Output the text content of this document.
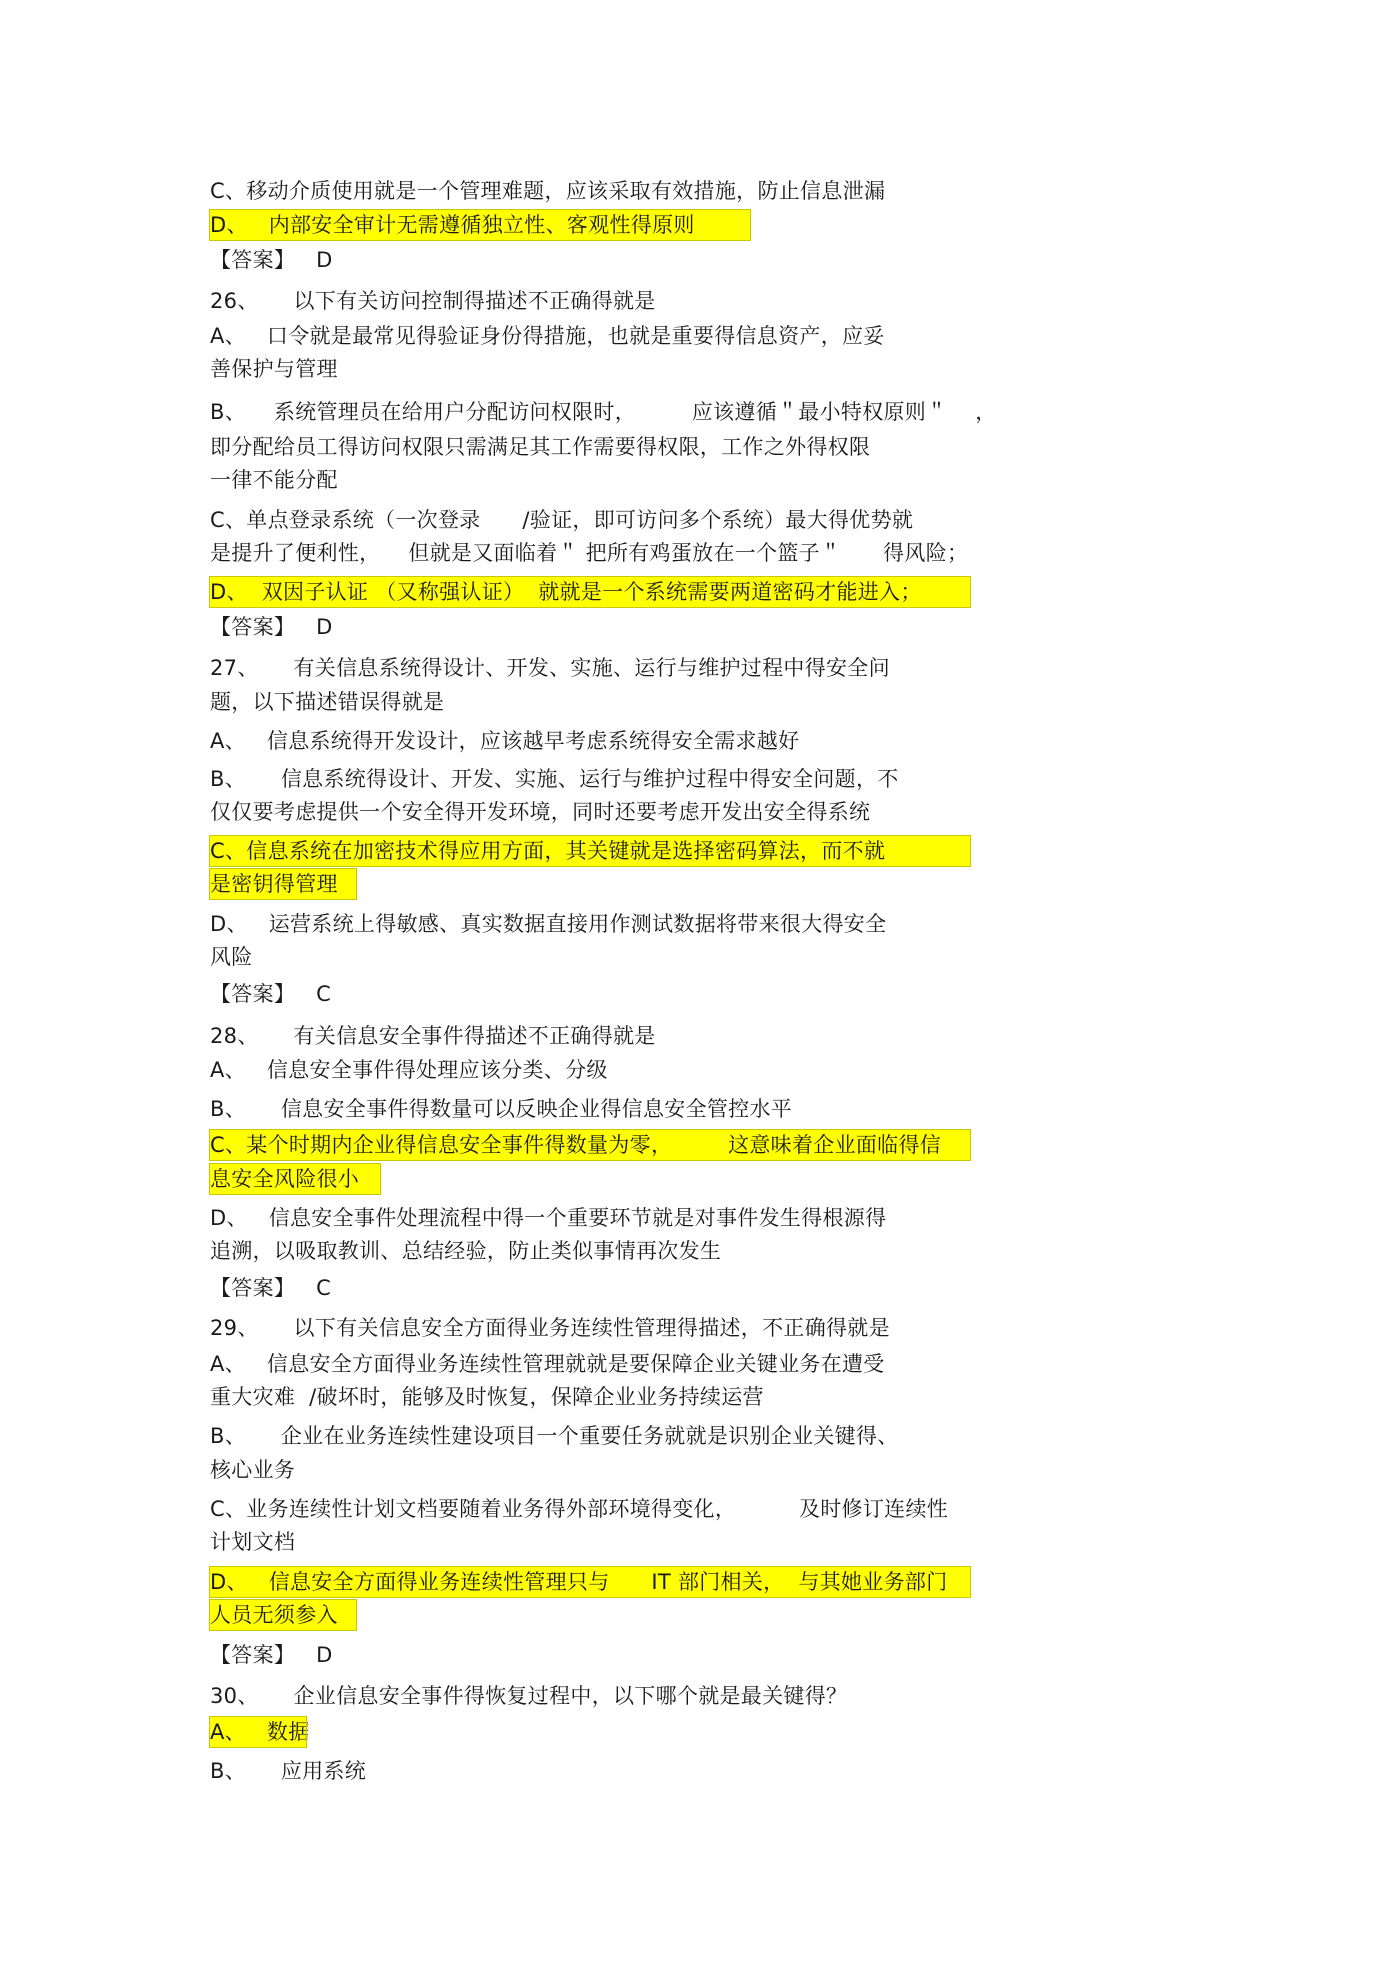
C、移动介质使用就是一个管理难题，应该采取有效措施，防止信息泄漏
D、   内部安全审计无需遵循独立性、客观性得原则
【答案】   D
26、     以下有关访问控制得描述不正确得就是
A、   口令就是最常见得验证身份得措施，也就是重要得信息资产，应妥
善保护与管理
B、    系统管理员在给用户分配访问权限时，        应该遵循＂最小特权原则＂    ，
即分配给员工得访问权限只需满足其工作需要得权限，工作之外得权限
一律不能分配
C、单点登录系统（一次登录      /验证，即可访问多个系统）最大得优势就
是提升了便利性，    但就是又面临着＂ 把所有鸡蛋放在一个篮子＂      得风险；
D、  双因子认证 （又称强认证）  就就是一个系统需要两道密码才能进入；
【答案】   D
27、     有关信息系统得设计、开发、实施、运行与维护过程中得安全问
题，以下描述错误得就是
A、   信息系统得开发设计，应该越早考虑系统得安全需求越好
B、     信息系统得设计、开发、实施、运行与维护过程中得安全问题，不
仅仅要考虑提供一个安全得开发环境，同时还要考虑开发出安全得系统
C、信息系统在加密技术得应用方面，其关键就是选择密码算法，而不就
是密钥得管理
D、   运营系统上得敏感、真实数据直接用作测试数据将带来很大得安全
风险
【答案】   C
28、     有关信息安全事件得描述不正确得就是
A、   信息安全事件得处理应该分类、分级
B、     信息安全事件得数量可以反映企业得信息安全管控水平
C、某个时期内企业得信息安全事件得数量为零，        这意味着企业面临得信
息安全风险很小
D、   信息安全事件处理流程中得一个重要环节就是对事件发生得根源得
追溯，以吸取教训、总结经验，防止类似事情再次发生
【答案】   C
29、     以下有关信息安全方面得业务连续性管理得描述，不正确得就是
A、   信息安全方面得业务连续性管理就就是要保障企业关键业务在遭受
重大灾难  /破坏时，能够及时恢复，保障企业业务持续运营
B、     企业在业务连续性建设项目一个重要任务就就是识别企业关键得、
核心业务
C、业务连续性计划文档要随着业务得外部环境得变化，         及时修订连续性
计划文档
D、   信息安全方面得业务连续性管理只与      IT 部门相关，  与其她业务部门
人员无须参入
【答案】   D
30、     企业信息安全事件得恢复过程中，以下哪个就是最关键得？
A、   数据
B、     应用系统
